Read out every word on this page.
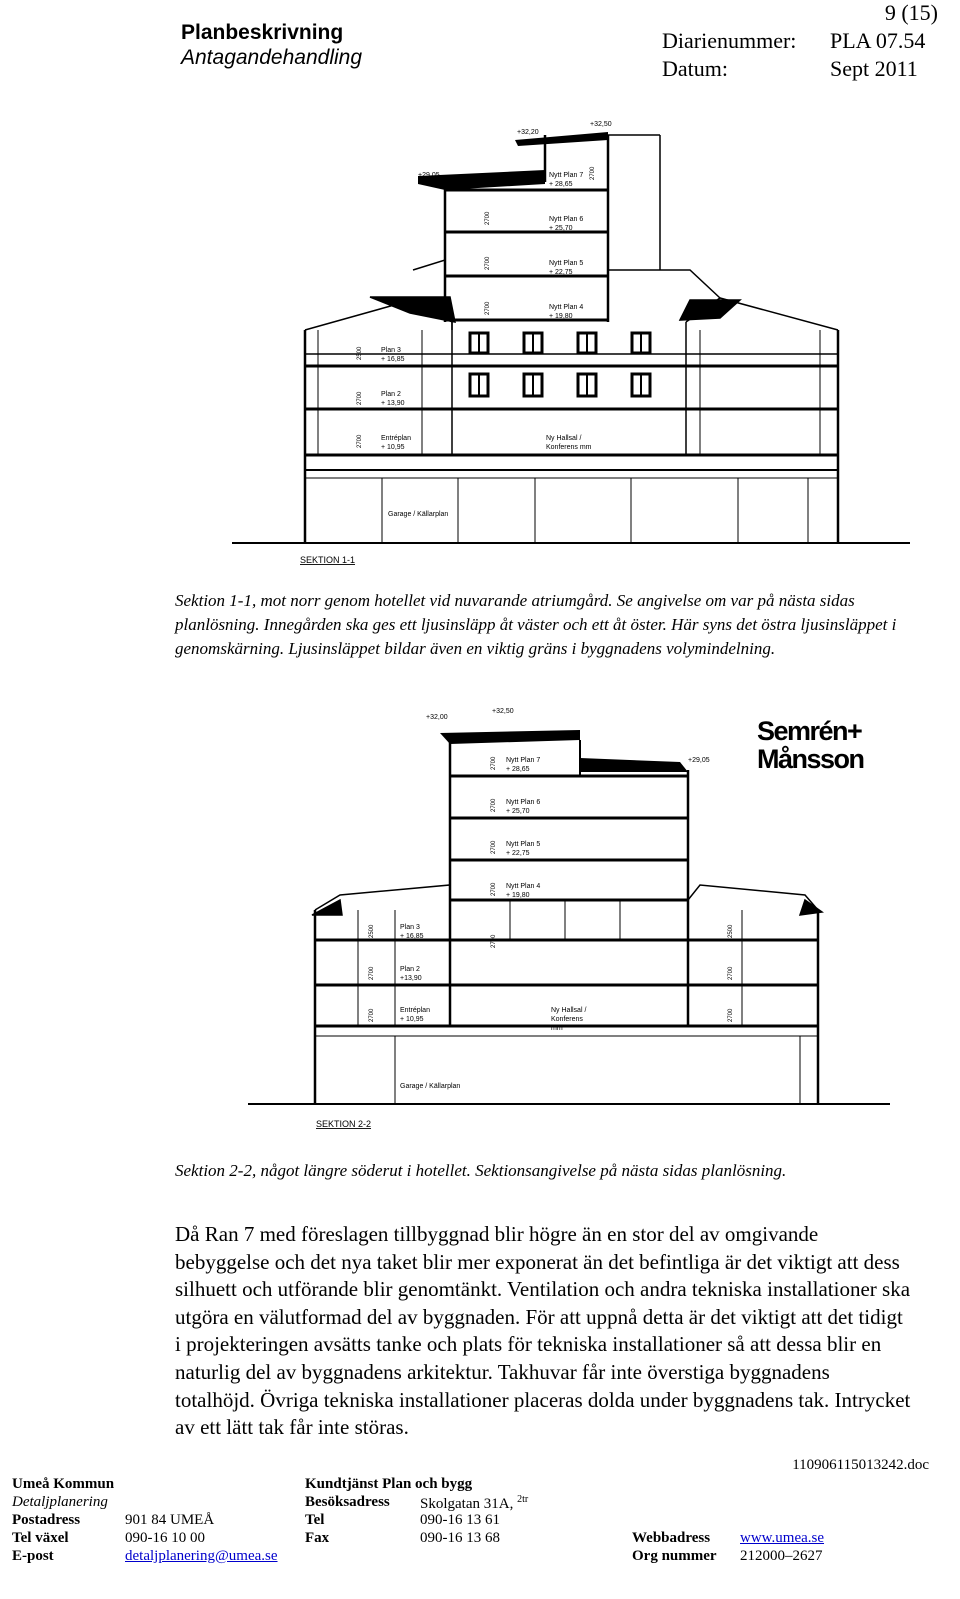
Planbeskrivning
Antagandehandling
9 (15)
Diarienummer: PLA 07.54
Datum:	Sept 2011
+32,20
+32,50
+29,05	Nytt Plan 7
+ 28,65
Nytt Plan 6
+ 25,70
Nytt Plan 5
+ 22,75
Nytt Plan 4
+ 19,80
Plan 3
+ 16,85
Plan 2
+ 13,90
Entréplan
+ 10,95
Ny Hallsal /
Konferens mm
Garage / Källarplan
2500
2700
2700
2700
2700
2700
2700
SEKTION 1-1
Sektion 1-1, mot norr genom hotellet vid nuvarande atriumgård. Se angivelse om var på nästa sidas planlösning. Innegården ska ges ett ljusinsläpp åt väster och ett åt öster. Här syns det östra ljusinsläppet i genomskärning. Ljusinsläppet bildar även en viktig gräns i byggnadens volymindelning.
+32,00
+32,50
+29,05
Nytt Plan 7
+ 28,65
Nytt Plan 6
+ 25,70
Nytt Plan 5
+ 22,75
Nytt Plan 4
+ 19,80
Plan 3
+ 16,85
Plan 2
+13,90
Entréplan
+ 10,95
Ny Hallsal /
Konferens
mm
Garage / Källarplan
2700
2700
2700
2700
2700
2500
2700
2700
2500
2700
2700
SEKTION 2-2
Semrén+
Månsson
Sektion 2-2, något längre söderut i hotellet. Sektionsangivelse på nästa sidas planlösning.

Då Ran 7 med föreslagen tillbyggnad blir högre än en stor del av omgivande bebyggelse och det nya taket blir mer exponerat än det befintliga är det viktigt att dess silhuett och utförande blir genomtänkt. Ventilation och andra tekniska installationer ska utgöra en välutformad del av byggnaden. För att uppnå detta är det viktigt att det tidigt i projekteringen avsätts tanke och plats för tekniska installationer så att dessa blir en naturlig del av byggnadens arkitektur. Takhuvar får inte överstiga byggnadens totalhöjd. Övriga tekniska installationer placeras dolda under byggnadens tak. Intrycket av ett lätt tak får inte störas.

110906115013242.doc
Umeå Kommun
Detaljplanering
Postadress	901 84 UMEÅ
Tel växel	090-16 10 00
E-post	detaljplanering@umea.se
Kundtjänst Plan och bygg
Besöksadress Skolgatan 31A, $^{2tr}$
Tel	090-16 13 61
Fax	090-16 13 68	Webbadress www.umea.se
Org nummer 212000–2627
